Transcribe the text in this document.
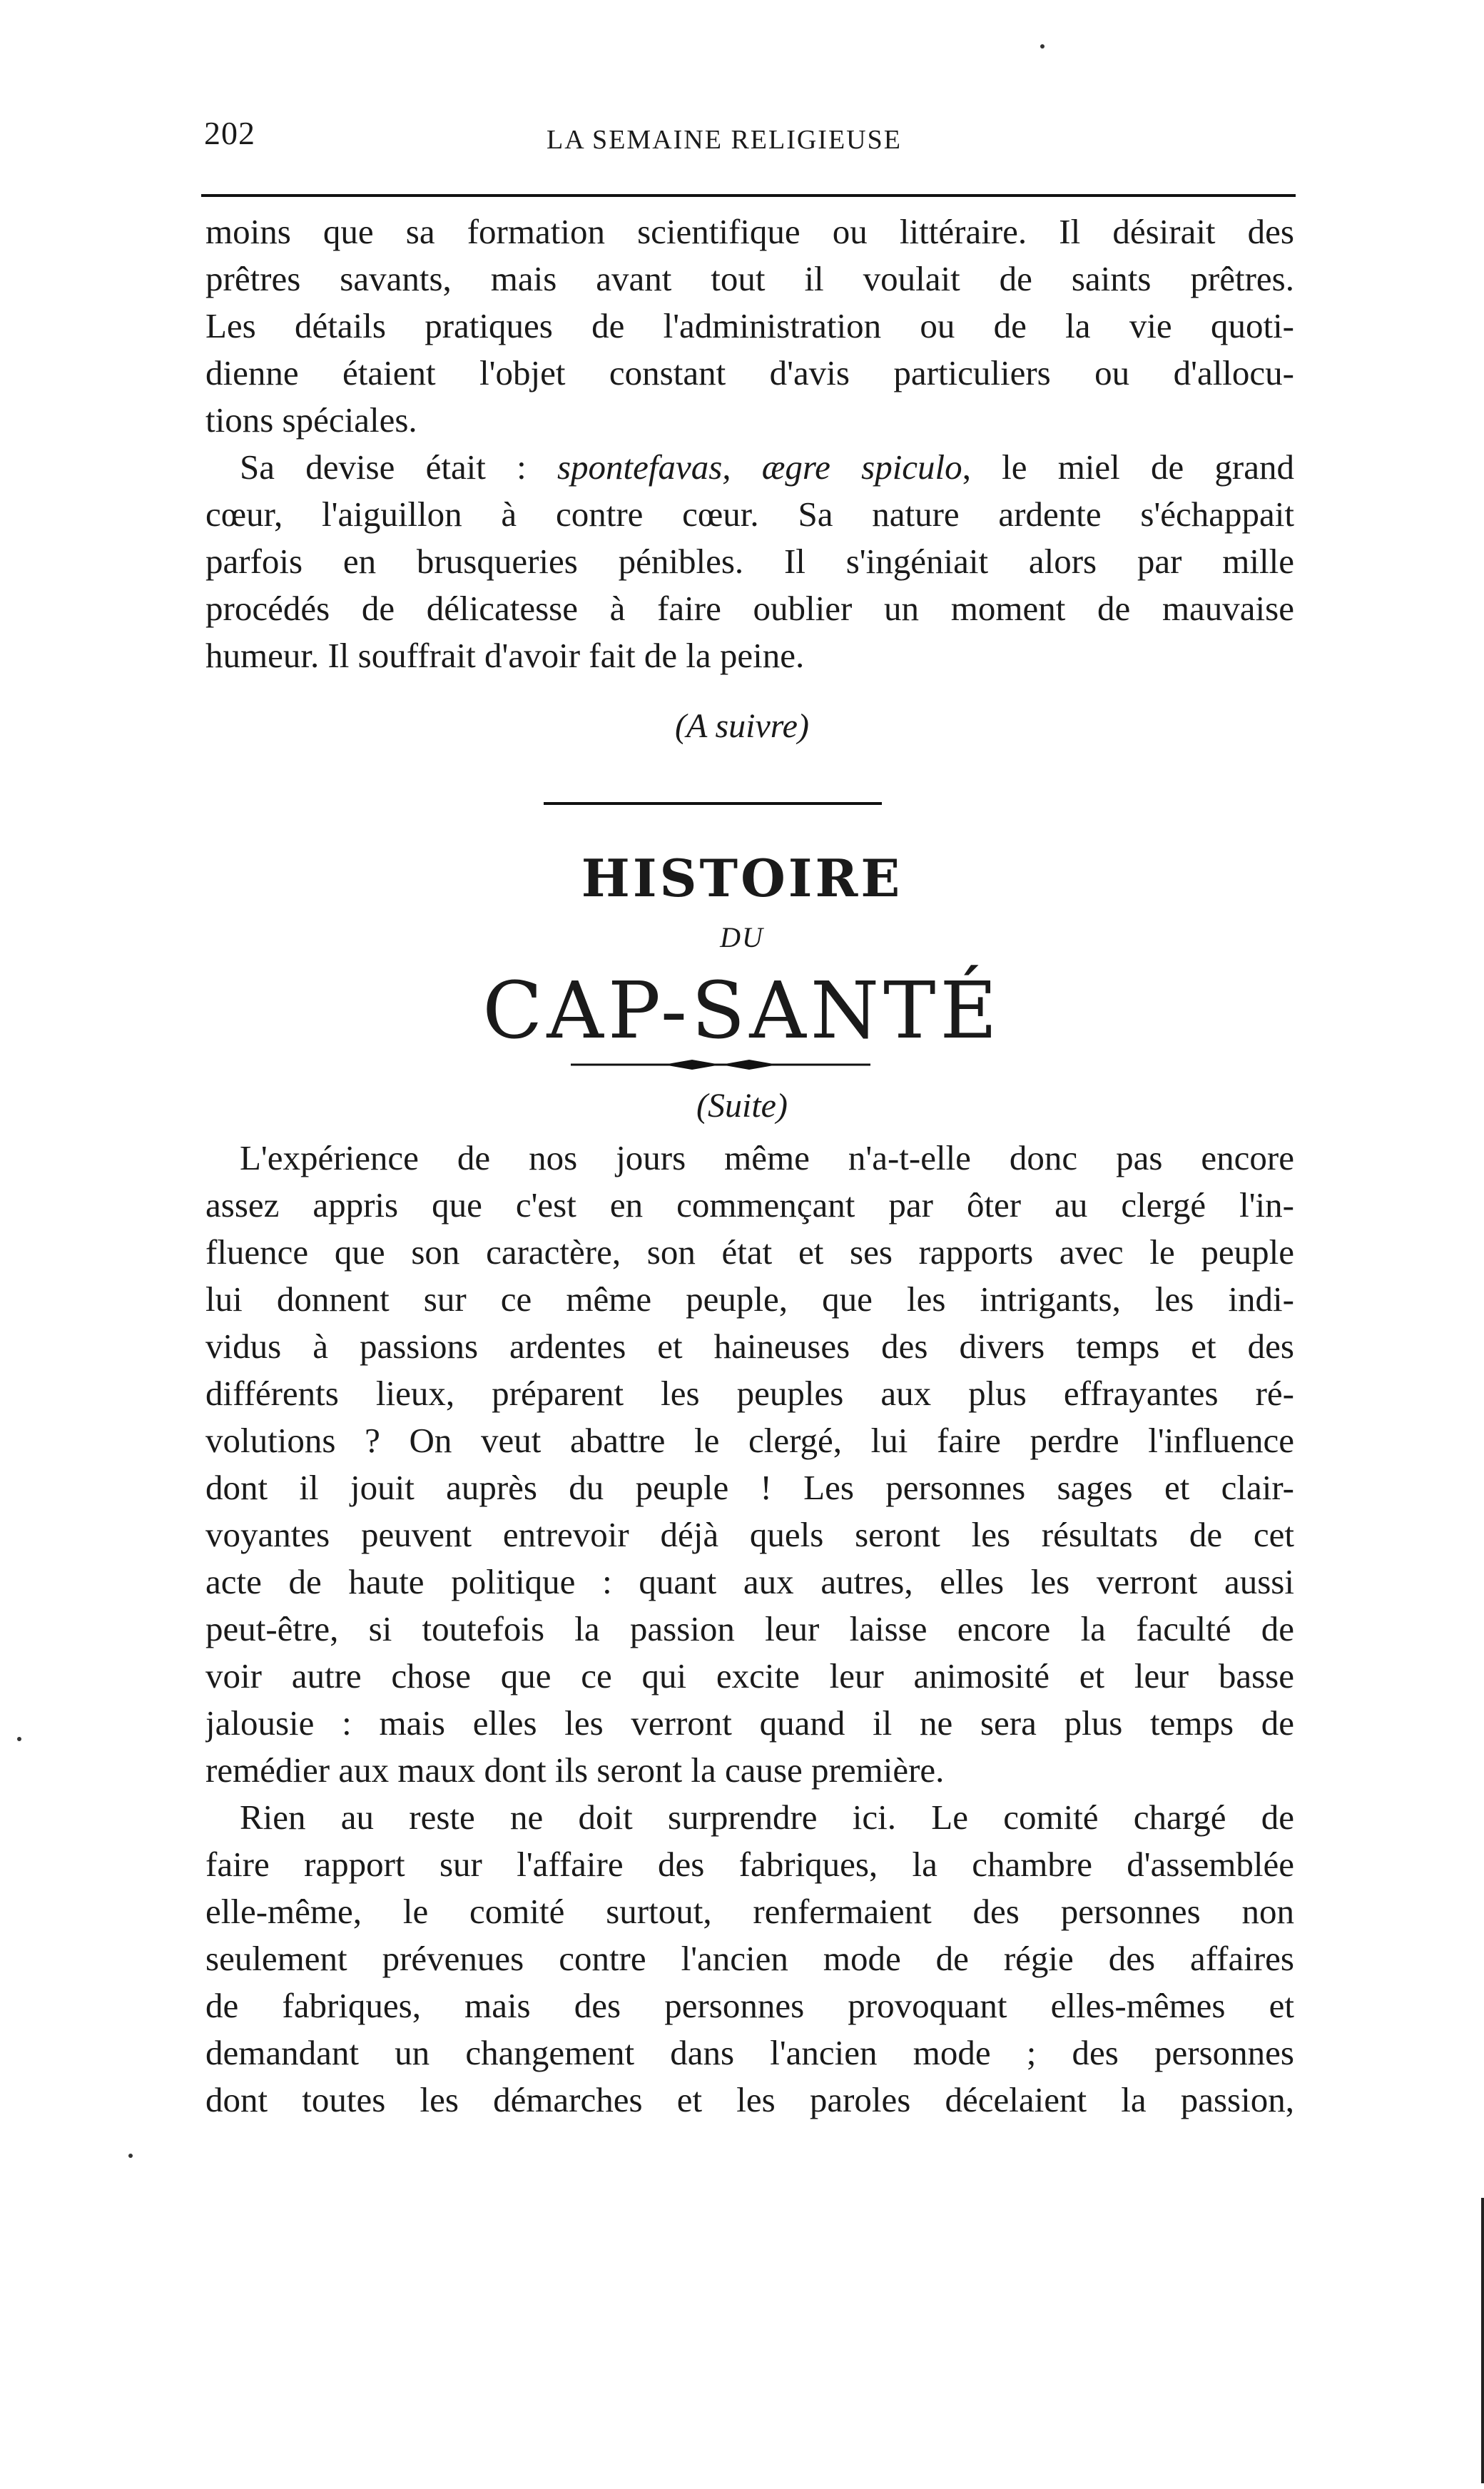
202	LA SEMAINE RELIGIEUSE
moins que sa formation scientifique ou littéraire. Il désirait des
prêtres savants, mais avant tout il voulait de saints prêtres.
Les détails pratiques de l'administration ou de la vie quoti-
dienne étaient l'objet constant d'avis particuliers ou d'allocu-
tions spéciales.
Sa devise était : spontefavas, ægre spiculo, le miel de grand
cœur, l'aiguillon à contre cœur. Sa nature ardente s'échappait
parfois en brusqueries pénibles. Il s'ingéniait alors par mille
procédés de délicatesse à faire oublier un moment de mauvaise
humeur. Il souffrait d'avoir fait de la peine.
(A suivre)
HISTOIRE
DU
CAP-SANTÉ
(Suite)
L'expérience de nos jours même n'a-t-elle donc pas encore
assez appris que c'est en commençant par ôter au clergé l'in-
fluence que son caractère, son état et ses rapports avec le peuple
lui donnent sur ce même peuple, que les intrigants, les indi-
vidus à passions ardentes et haineuses des divers temps et des
différents lieux, préparent les peuples aux plus effrayantes ré-
volutions ? On veut abattre le clergé, lui faire perdre l'influence
dont il jouit auprès du peuple ! Les personnes sages et clair-
voyantes peuvent entrevoir déjà quels seront les résultats de cet
acte de haute politique : quant aux autres, elles les verront aussi
peut-être, si toutefois la passion leur laisse encore la faculté de
voir autre chose que ce qui excite leur animosité et leur basse
jalousie : mais elles les verront quand il ne sera plus temps de
remédier aux maux dont ils seront la cause première.
Rien au reste ne doit surprendre ici. Le comité chargé de
faire rapport sur l'affaire des fabriques, la chambre d'assemblée
elle-même, le comité surtout, renfermaient des personnes non
seulement prévenues contre l'ancien mode de régie des affaires
de fabriques, mais des personnes provoquant elles-mêmes et
demandant un changement dans l'ancien mode ; des personnes
dont toutes les démarches et les paroles décelaient la passion,
